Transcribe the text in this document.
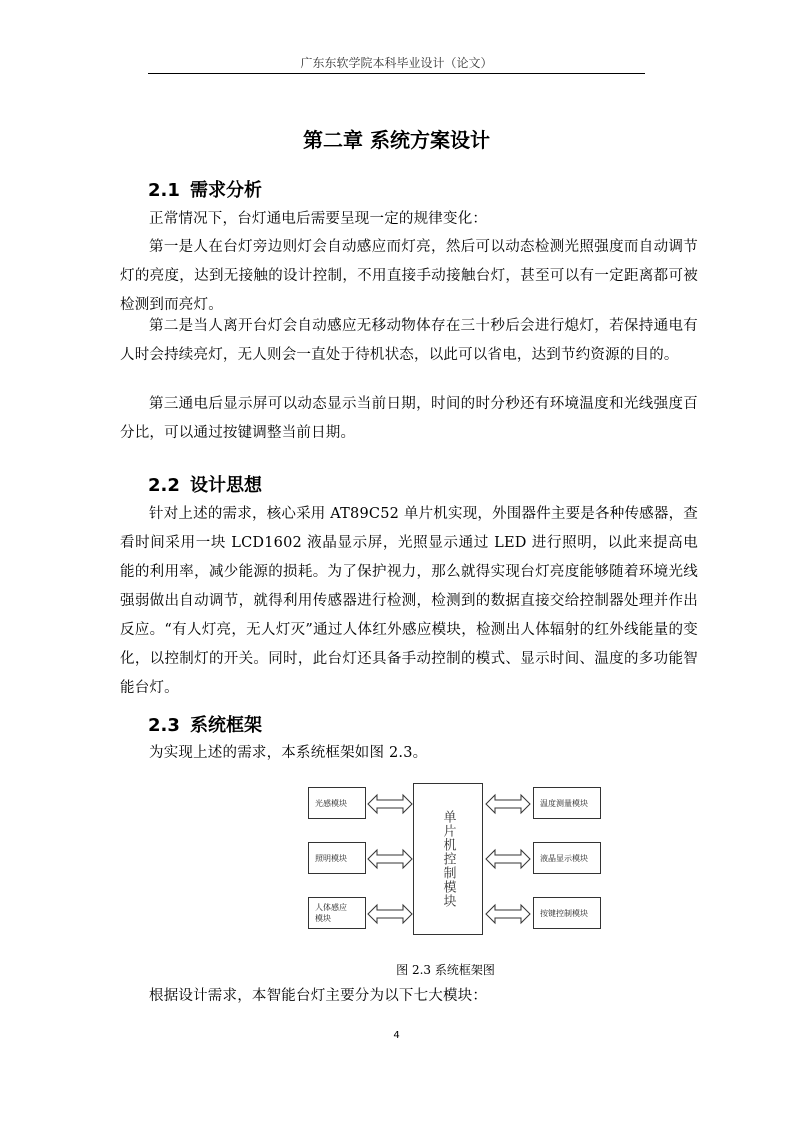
广东东软学院本科毕业设计（论文）
第二章 系统方案设计
2.1 需求分析

正常情况下，台灯通电后需要呈现一定的规律变化：

第一是人在台灯旁边则灯会自动感应而灯亮，然后可以动态检测光照强度而自动调节灯的亮度，达到无接触的设计控制，不用直接手动接触台灯，甚至可以有一定距离都可被检测到而亮灯。

第二是当人离开台灯会自动感应无移动物体存在三十秒后会进行熄灯，若保持通电有人时会持续亮灯，无人则会一直处于待机状态，以此可以省电，达到节约资源的目的。

第三通电后显示屏可以动态显示当前日期，时间的时分秒还有环境温度和光线强度百分比，可以通过按键调整当前日期。

2.2 设计思想

针对上述的需求，核心采用 AT89C52 单片机实现，外围器件主要是各种传感器，查看时间采用一块 LCD1602 液晶显示屏，光照显示通过 LED 进行照明，以此来提高电能的利用率，减少能源的损耗。为了保护视力，那么就得实现台灯亮度能够随着环境光线强弱做出自动调节，就得利用传感器进行检测，检测到的数据直接交给控制器处理并作出反应。“有人灯亮，无人灯灭”通过人体红外感应模块，检测出人体辐射的红外线能量的变化，以控制灯的开关。同时，此台灯还具备手动控制的模式、显示时间、温度的多功能智能台灯。

2.3 系统框架

为实现上述的需求，本系统框架如图 2.3。

光感模块
照明模块
人体感应模块
单片机控制模块
温度测量模块
液晶显示模块
按键控制模块
图 2.3 系统框架图

根据设计需求，本智能台灯主要分为以下七大模块：

4
